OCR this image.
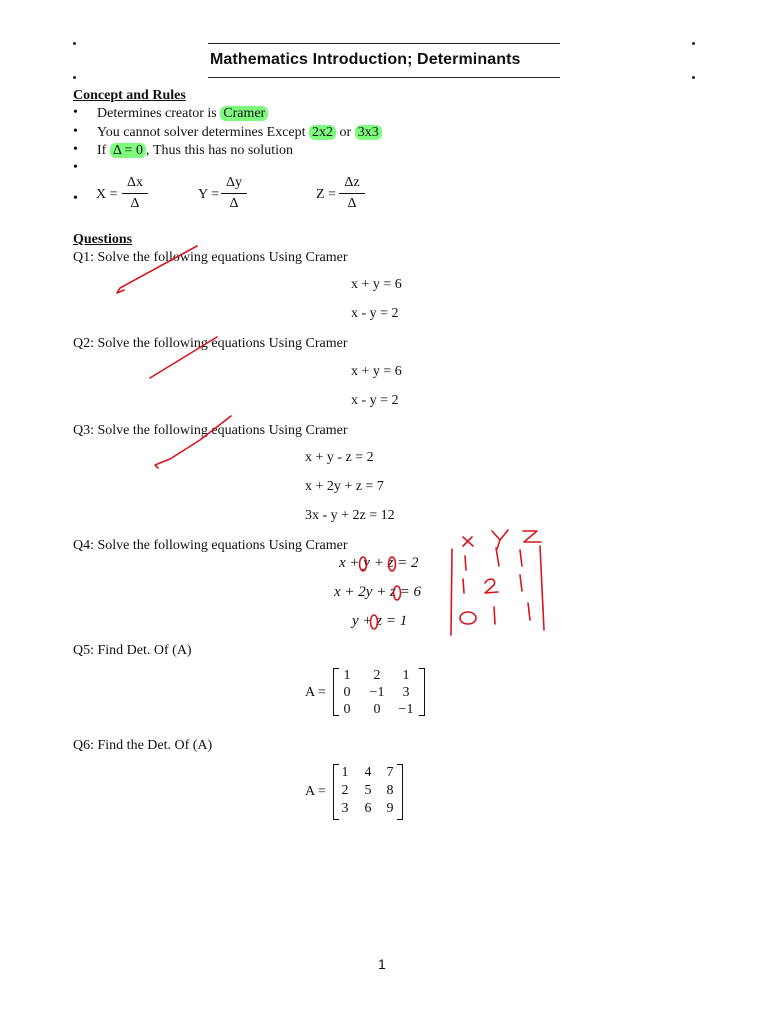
Mathematics Introduction; Determinants
Concept and Rules
• Determines creator is Cramer
• You cannot solver determines Except 2x2 or 3x3
• If Δ = 0 , Thus this has no solution
•
• X =
Δx
Δ
Y =
Δy
Δ
Z =
Δz
Δ
Questions
Q1: Solve the following equations Using Cramer
x + y = 6
x - y = 2
Q2: Solve the following equations Using Cramer
x + y = 6
x - y = 2
Q3: Solve the following equations Using Cramer
x + y - z = 2
x + 2y + z = 7
3x - y + 2z = 12
Q4: Solve the following equations Using Cramer
x + y + z = 2
x + 2y + z = 6
y + z = 1
Q5: Find Det. Of (A)
A =
1	2	1
0	−1	3
0	0	−1
Q6: Find the Det. Of (A)
A =
1	4	7
2	5	8
3	6	9
1
